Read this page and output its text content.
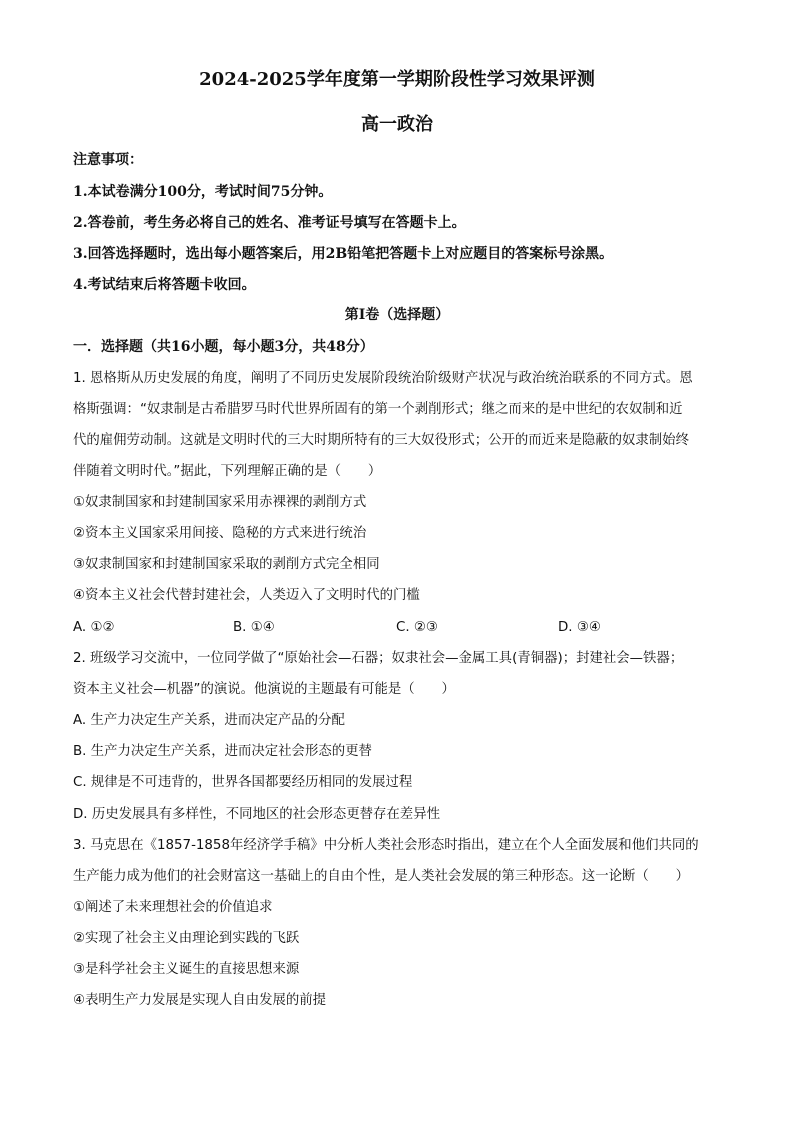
2024-2025学年度第一学期阶段性学习效果评测
高一政治
注意事项：
1.本试卷满分100分，考试时间75分钟。
2.答卷前，考生务必将自己的姓名、准考证号填写在答题卡上。
3.回答选择题时，选出每小题答案后，用2B铅笔把答题卡上对应题目的答案标号涂黑。
4.考试结束后将答题卡收回。
第Ⅰ卷（选择题）
一．选择题（共16小题，每小题3分，共48分）
1. 恩格斯从历史发展的角度，阐明了不同历史发展阶段统治阶级财产状况与政治统治联系的不同方式。恩
格斯强调：“奴隶制是古希腊罗马时代世界所固有的第一个剥削形式；继之而来的是中世纪的农奴制和近
代的雇佣劳动制。这就是文明时代的三大时期所特有的三大奴役形式；公开的而近来是隐蔽的奴隶制始终
伴随着文明时代。”据此，下列理解正确的是（　　）
①奴隶制国家和封建制国家采用赤裸裸的剥削方式
②资本主义国家采用间接、隐秘的方式来进行统治
③奴隶制国家和封建制国家采取的剥削方式完全相同
④资本主义社会代替封建社会，人类迈入了文明时代的门槛
A. ①②	B. ①④	C. ②③	D. ③④
2. 班级学习交流中，一位同学做了“原始社会—石器；奴隶社会—金属工具(青铜器)；封建社会—铁器；
资本主义社会—机器”的演说。他演说的主题最有可能是（　　）
A. 生产力决定生产关系，进而决定产品的分配
B. 生产力决定生产关系，进而决定社会形态的更替
C. 规律是不可违背的，世界各国都要经历相同的发展过程
D. 历史发展具有多样性，不同地区的社会形态更替存在差异性
3. 马克思在《1857-1858年经济学手稿》中分析人类社会形态时指出，建立在个人全面发展和他们共同的
生产能力成为他们的社会财富这一基础上的自由个性，是人类社会发展的第三种形态。这一论断（　　）
①阐述了未来理想社会的价值追求
②实现了社会主义由理论到实践的飞跃
③是科学社会主义诞生的直接思想来源
④表明生产力发展是实现人自由发展的前提
